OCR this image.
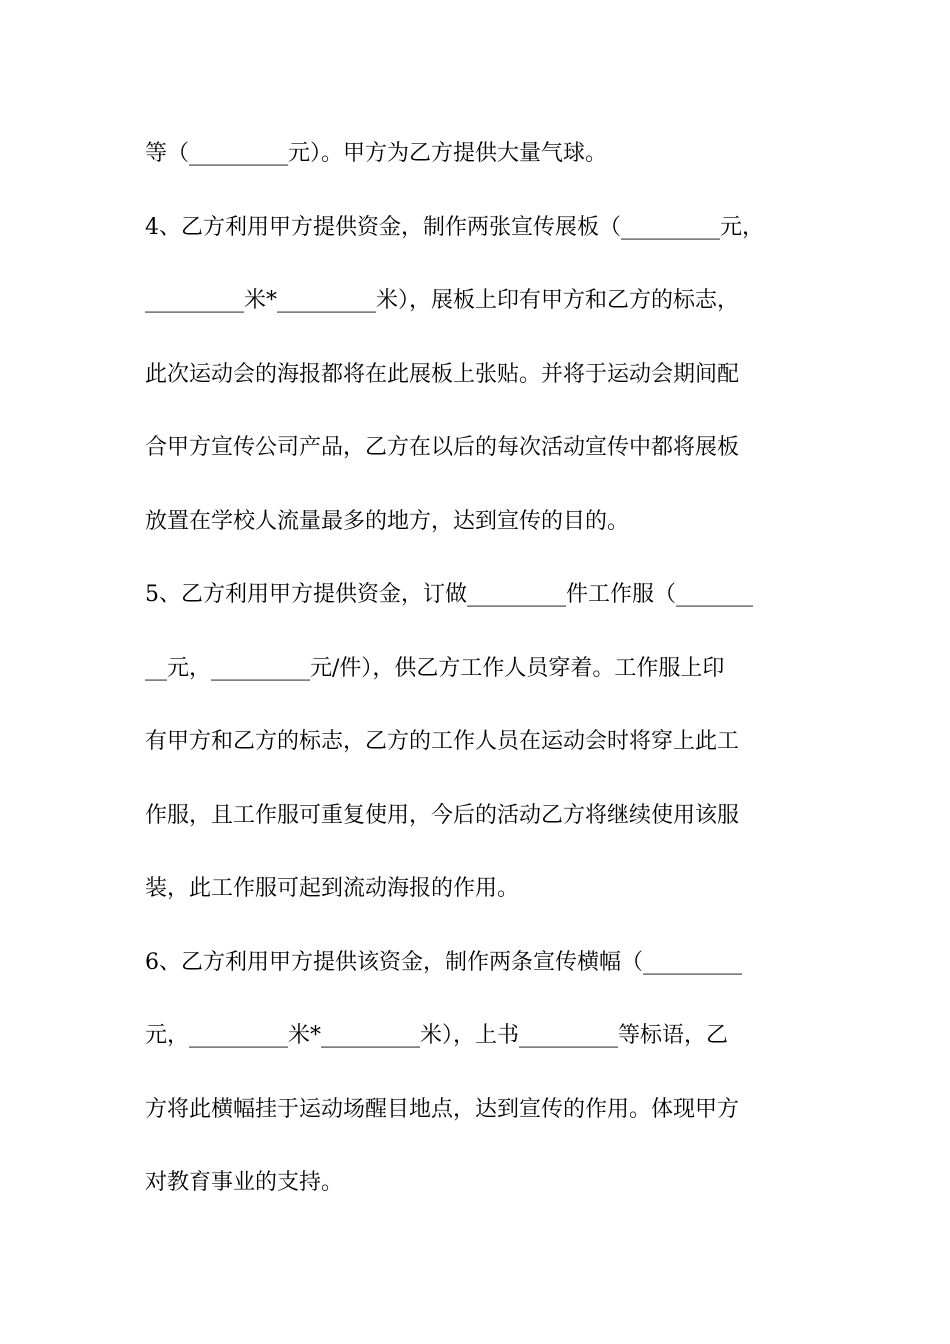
等（_________元）。甲方为乙方提供大量气球。
4、乙方利用甲方提供资金，制作两张宣传展板（_________元，
_________米*_________米），展板上印有甲方和乙方的标志，
此次运动会的海报都将在此展板上张贴。并将于运动会期间配
合甲方宣传公司产品，乙方在以后的每次活动宣传中都将展板
放置在学校人流量最多的地方，达到宣传的目的。
5、乙方利用甲方提供资金，订做_________件工作服（_______
__元，_________元/件），供乙方工作人员穿着。工作服上印
有甲方和乙方的标志，乙方的工作人员在运动会时将穿上此工
作服，且工作服可重复使用，今后的活动乙方将继续使用该服
装，此工作服可起到流动海报的作用。
6、乙方利用甲方提供该资金，制作两条宣传横幅（_________
元，_________米*_________米），上书_________等标语，乙
方将此横幅挂于运动场醒目地点，达到宣传的作用。体现甲方
对教育事业的支持。
